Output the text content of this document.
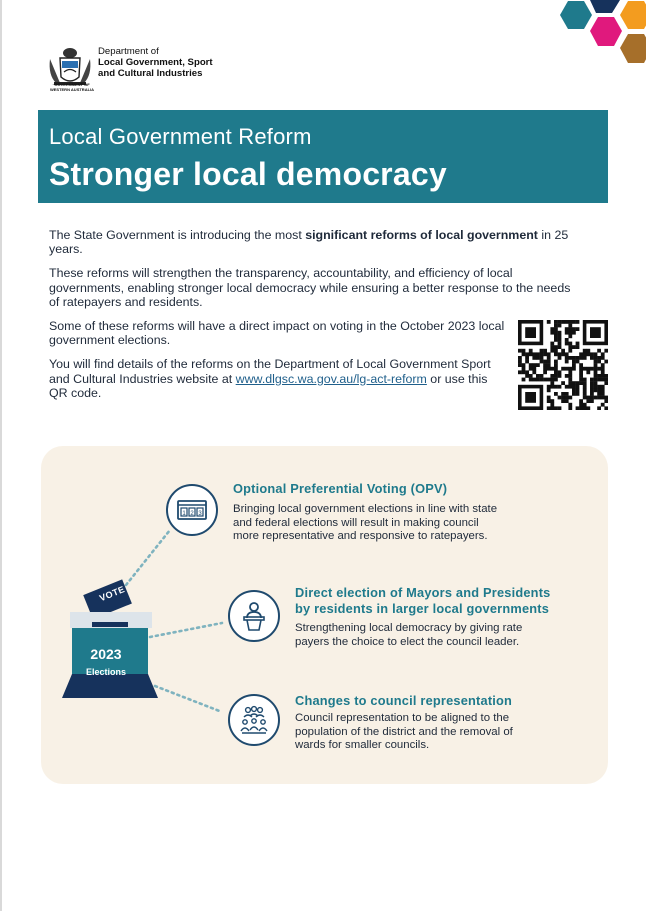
GOVERNMENT OF
WESTERN AUSTRALIA
Department of
Local Government, Sport
and Cultural Industries
Local Government Reform
Stronger local democracy

The State Government is introducing the most significant reforms of local government in 25 years.

These reforms will strengthen the transparency, accountability, and efficiency of local governments, enabling stronger local democracy while ensuring a better response to the needs of ratepayers and residents.

Some of these reforms will have a direct impact on voting in the October 2023 local government elections.

You will find details of the reforms on the Department of Local Government Sport and Cultural Industries website at www.dlgsc.wa.gov.au/lg-act-reform or use this QR code.

VOTE
2023
Elections
1 2 3
Optional Preferential Voting (OPV)
Bringing local government elections in line with state
and federal elections will result in making council
more representative and responsive to ratepayers.
Direct election of Mayors and Presidents
by residents in larger local governments
Strengthening local democracy by giving rate
payers the choice to elect the council leader.
Changes to council representation
Council representation to be aligned to the
population of the district and the removal of
wards for smaller councils.
